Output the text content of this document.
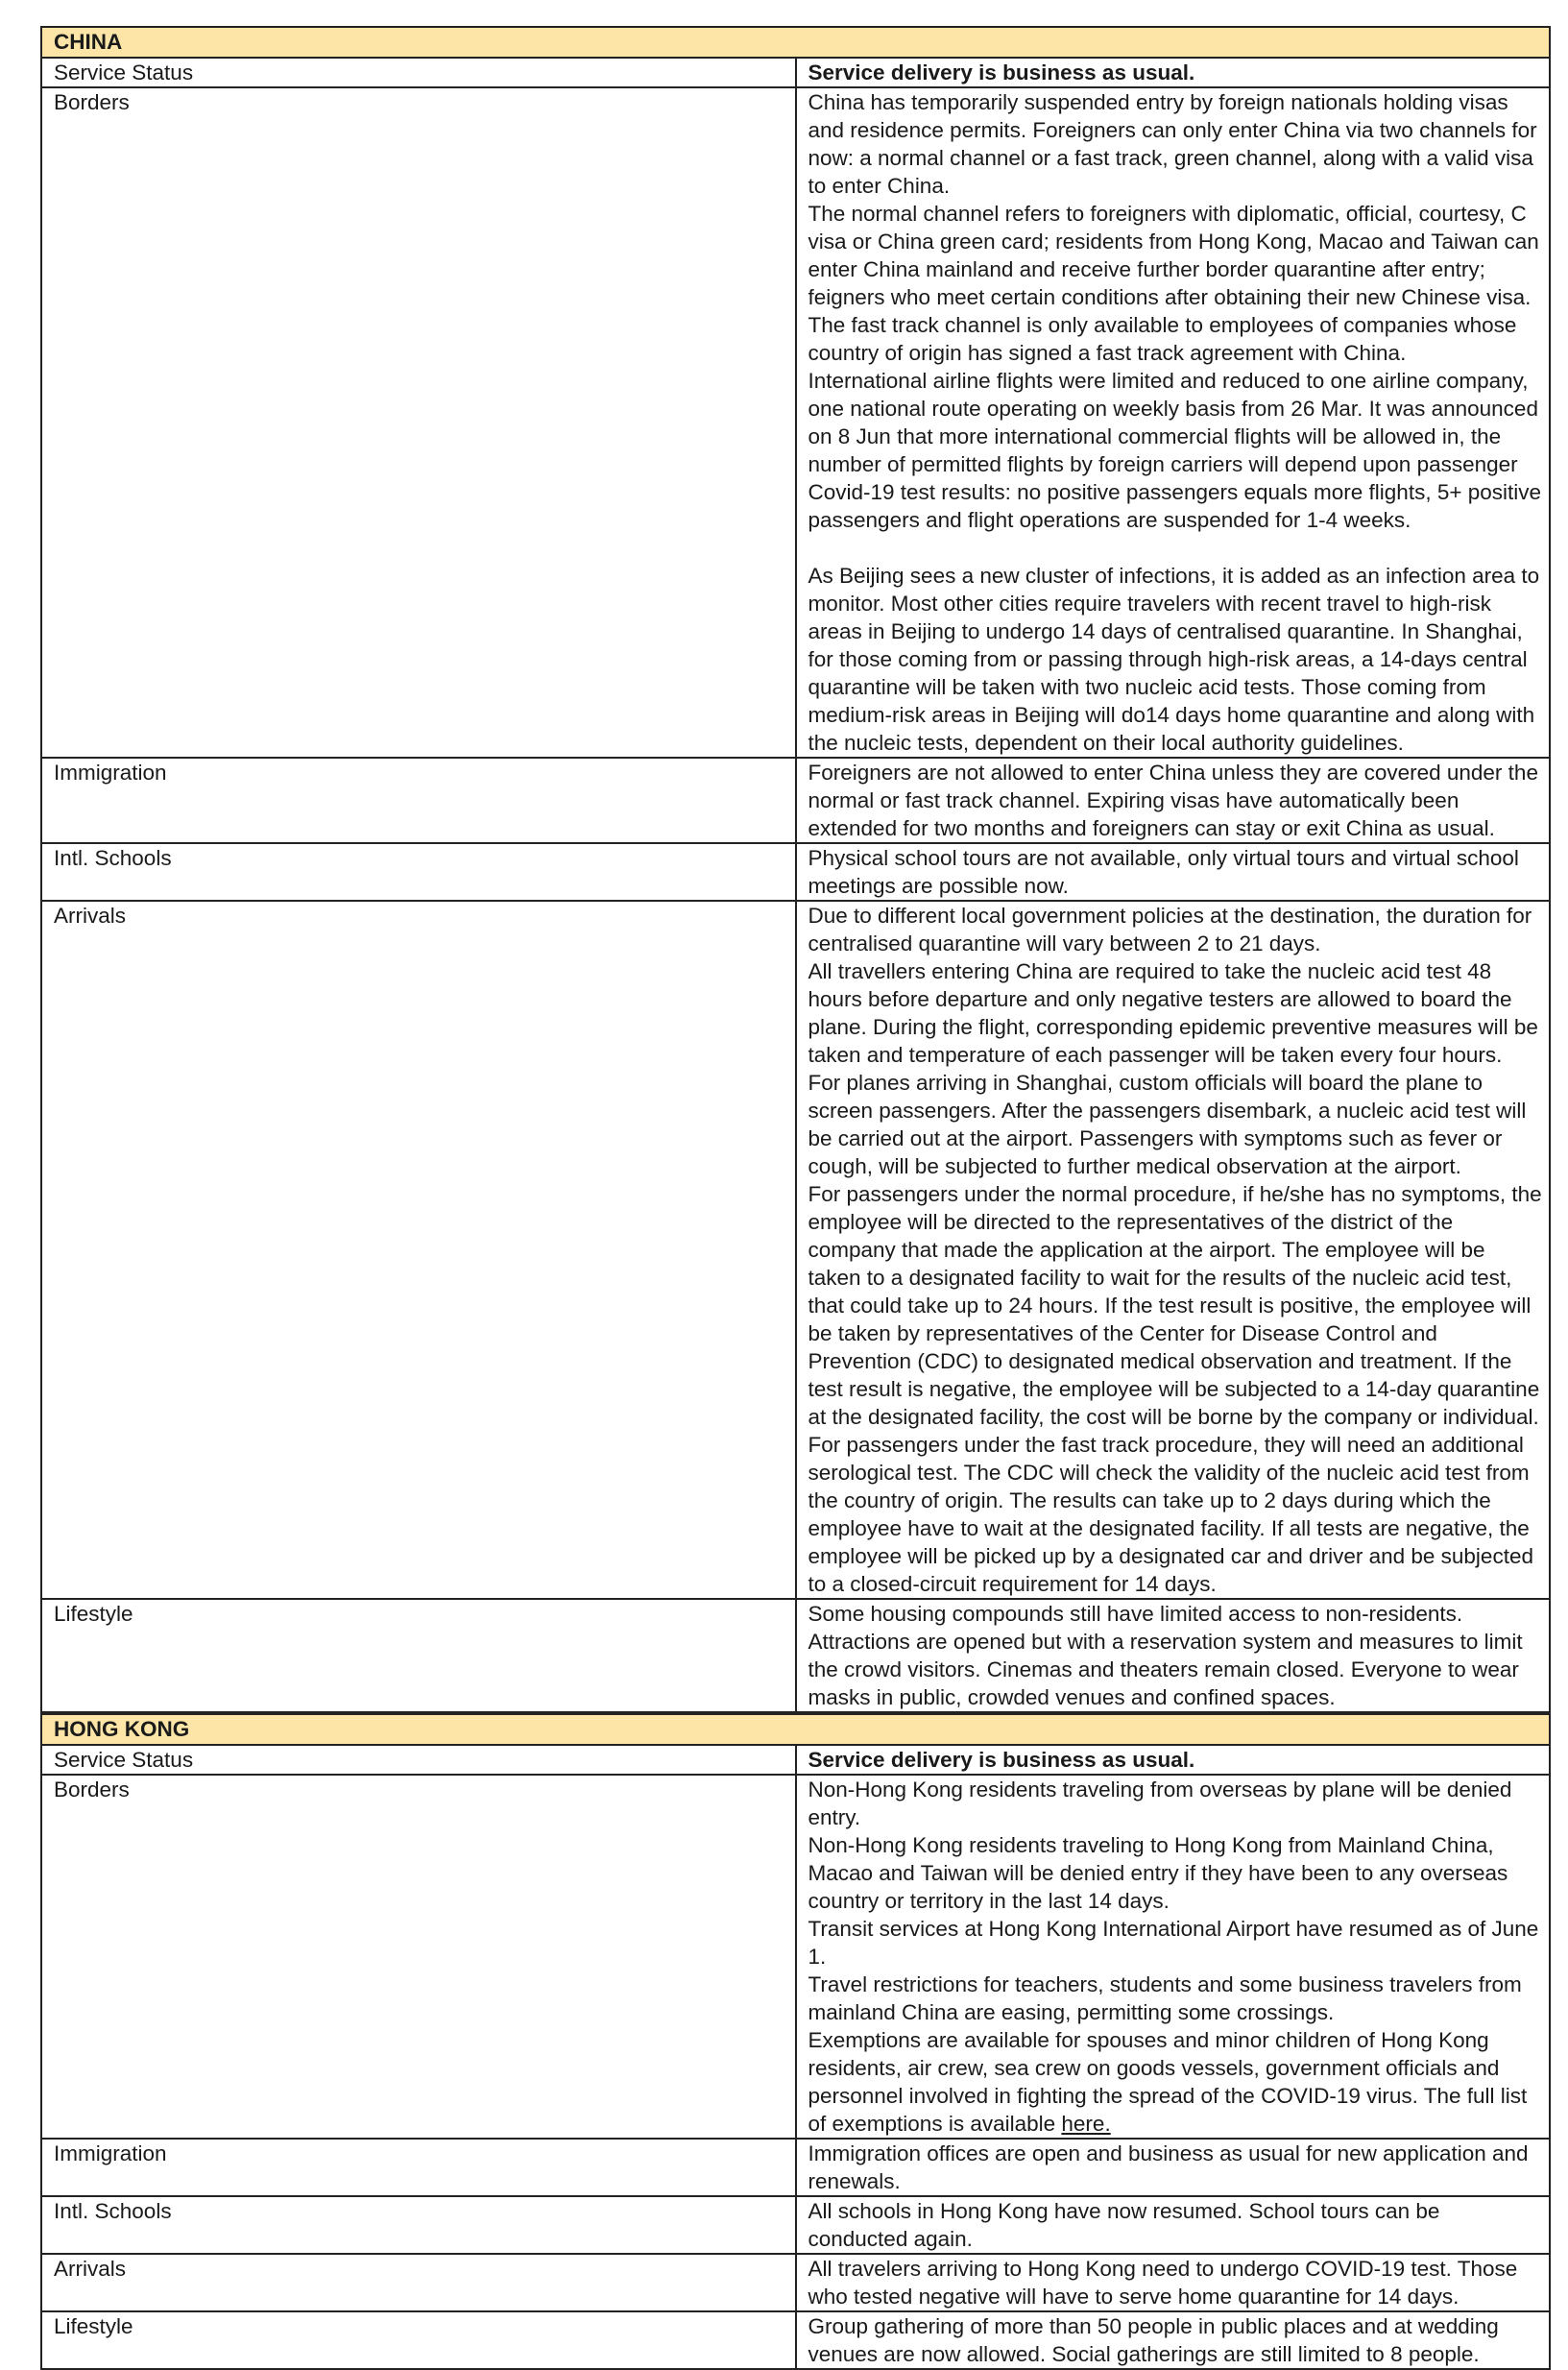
CHINA	
Service Status	Service delivery is business as usual.

Borders	China has temporarily suspended entry by foreign nationals holding visas and residence permits. Foreigners can only enter China via two channels for now: a normal channel or a fast track, green channel, along with a valid visa to enter China.
The normal channel refers to foreigners with diplomatic, official, courtesy, C visa or China green card; residents from Hong Kong, Macao and Taiwan can enter China mainland and receive further border quarantine after entry; feigners who meet certain conditions after obtaining their new Chinese visa.
The fast track channel is only available to employees of companies whose country of origin has signed a fast track agreement with China.
International airline flights were limited and reduced to one airline company, one national route operating on weekly basis from 26 Mar. It was announced on 8 Jun that more international commercial flights will be allowed in, the number of permitted flights by foreign carriers will depend upon passenger Covid-19 test results: no positive passengers equals more flights, 5+ positive passengers and flight operations are suspended for 1-4 weeks.
As Beijing sees a new cluster of infections, it is added as an infection area to monitor. Most other cities require travelers with recent travel to high-risk areas in Beijing to undergo 14 days of centralised quarantine. In Shanghai, for those coming from or passing through high-risk areas, a 14-days central quarantine will be taken with two nucleic acid tests. Those coming from medium-risk areas in Beijing will do14 days home quarantine and along with the nucleic tests, dependent on their local authority guidelines.

Immigration	Foreigners are not allowed to enter China unless they are covered under the normal or fast track channel. Expiring visas have automatically been extended for two months and foreigners can stay or exit China as usual.

Intl. Schools	Physical school tours are not available, only virtual tours and virtual school meetings are possible now.

Arrivals	Due to different local government policies at the destination, the duration for centralised quarantine will vary between 2 to 21 days.
All travellers entering China are required to take the nucleic acid test 48 hours before departure and only negative testers are allowed to board the plane. During the flight, corresponding epidemic preventive measures will be taken and temperature of each passenger will be taken every four hours.
For planes arriving in Shanghai, custom officials will board the plane to screen passengers. After the passengers disembark, a nucleic acid test will be carried out at the airport. Passengers with symptoms such as fever or cough, will be subjected to further medical observation at the airport.
For passengers under the normal procedure, if he/she has no symptoms, the employee will be directed to the representatives of the district of the company that made the application at the airport. The employee will be taken to a designated facility to wait for the results of the nucleic acid test, that could take up to 24 hours. If the test result is positive, the employee will be taken by representatives of the Center for Disease Control and Prevention (CDC) to designated medical observation and treatment. If the test result is negative, the employee will be subjected to a 14-day quarantine at the designated facility, the cost will be borne by the company or individual.
For passengers under the fast track procedure, they will need an additional serological test. The CDC will check the validity of the nucleic acid test from the country of origin. The results can take up to 2 days during which the employee have to wait at the designated facility. If all tests are negative, the employee will be picked up by a designated car and driver and be subjected to a closed-circuit requirement for 14 days.

Lifestyle	Some housing compounds still have limited access to non-residents. Attractions are opened but with a reservation system and measures to limit the crowd visitors. Cinemas and theaters remain closed. Everyone to wear masks in public, crowded venues and confined spaces.
HONG KONG	
Service Status	Service delivery is business as usual.

Borders	Non-Hong Kong residents traveling from overseas by plane will be denied entry.
Non-Hong Kong residents traveling to Hong Kong from Mainland China, Macao and Taiwan will be denied entry if they have been to any overseas country or territory in the last 14 days.
Transit services at Hong Kong International Airport have resumed as of June 1.
Travel restrictions for teachers, students and some business travelers from mainland China are easing, permitting some crossings.
Exemptions are available for spouses and minor children of Hong Kong residents, air crew, sea crew on goods vessels, government officials and personnel involved in fighting the spread of the COVID-19 virus. The full list of exemptions is available here.

Immigration	Immigration offices are open and business as usual for new application and renewals.

Intl. Schools	All schools in Hong Kong have now resumed. School tours can be conducted again.

Arrivals	All travelers arriving to Hong Kong need to undergo COVID-19 test. Those who tested negative will have to serve home quarantine for 14 days.

Lifestyle	Group gathering of more than 50 people in public places and at wedding venues are now allowed. Social gatherings are still limited to 8 people.
